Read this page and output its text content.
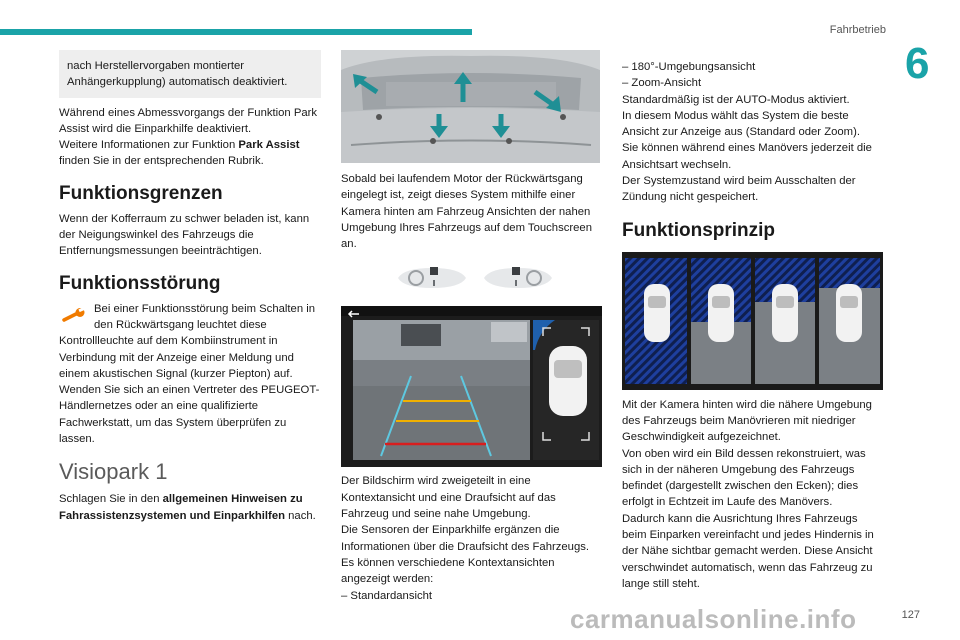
Fahrbetrieb
6

nach Herstellervorgaben montierter Anhängerkupplung) automatisch deaktiviert.

Während eines Abmessvorgangs der Funktion Park Assist wird die Einparkhilfe deaktiviert.

Weitere Informationen zur Funktion Park Assist finden Sie in der entsprechenden Rubrik.

Funktionsgrenzen

Wenn der Kofferraum zu schwer beladen ist, kann der Neigungswinkel des Fahrzeugs die Entfernungsmessungen beeinträchtigen.

Funktionsstörung

Bei einer Funktionsstörung beim Schalten in den Rückwärtsgang leuchtet diese Kontrollleuchte auf dem Kombiinstrument in Verbindung mit der Anzeige einer Meldung und einem akustischen Signal (kurzer Piepton) auf.

Wenden Sie sich an einen Vertreter des PEUGEOT-Händlernetzes oder an eine qualifizierte Fachwerkstatt, um das System überprüfen zu lassen.

Visiopark 1

Schlagen Sie in den allgemeinen Hinweisen zu Fahrassistenzsystemen und Einparkhilfen nach.

Sobald bei laufendem Motor der Rückwärtsgang eingelegt ist, zeigt dieses System mithilfe einer Kamera hinten am Fahrzeug Ansichten der nahen Umgebung Ihres Fahrzeugs auf dem Touchscreen an.

Der Bildschirm wird zweigeteilt in eine Kontextansicht und eine Draufsicht auf das Fahrzeug und seine nahe Umgebung.

Die Sensoren der Einparkhilfe ergänzen die Informationen über die Draufsicht des Fahrzeugs.

Es können verschiedene Kontextansichten angezeigt werden:

– Standardansicht

– 180°-Umgebungsansicht

– Zoom-Ansicht

Standardmäßig ist der AUTO-Modus aktiviert.

In diesem Modus wählt das System die beste Ansicht zur Anzeige aus (Standard oder Zoom).

Sie können während eines Manövers jederzeit die Ansichtsart wechseln.

Der Systemzustand wird beim Ausschalten der Zündung nicht gespeichert.

Funktionsprinzip

Mit der Kamera hinten wird die nähere Umgebung des Fahrzeugs beim Manövrieren mit niedriger Geschwindigkeit aufgezeichnet.

Von oben wird ein Bild dessen rekonstruiert, was sich in der näheren Umgebung des Fahrzeugs befindet (dargestellt zwischen den Ecken); dies erfolgt in Echtzeit im Laufe des Manövers.

Dadurch kann die Ausrichtung Ihres Fahrzeugs beim Einparken vereinfacht und jedes Hindernis in der Nähe sichtbar gemacht werden. Diese Ansicht verschwindet automatisch, wenn das Fahrzeug zu lange still steht.

carmanualsonline.info	127
